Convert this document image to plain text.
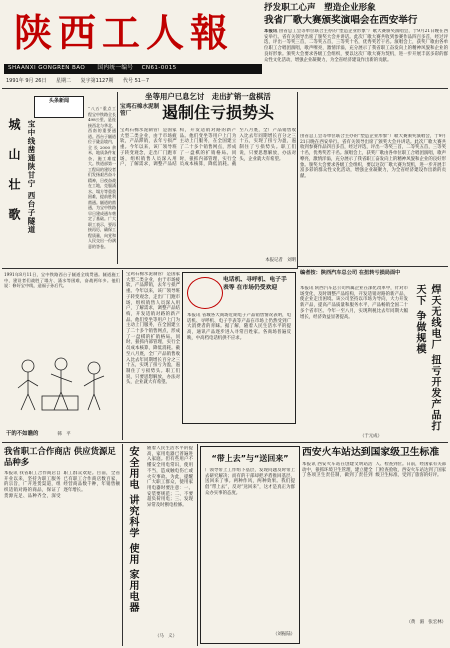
陕西工人報
SHAANXI GONGREN BAO 国内统一编号 CN61-0015
1991年 9月 26日 星期二 复字第1127期 代号 51－7
抒发职工心声　塑造企业形象
我省厂歌大赛颁奖演唱会在西安举行
本报讯 由省总工会等单位联合主办的“塑造企业形象”厂歌大赛颁奖演唱会，于9月21日晚在西安举行。省有关领导出席了颁奖大会并讲话。此次厂歌大赛共收到参赛作品四百多首，经过评选，评出一等奖三首，二等奖五首，三等奖十名，优秀奖若干名。演唱会上，获奖厂歌由各单位职工合唱团演唱，歌声嘹亮，激情洋溢，充分展示了我省职工奋发向上的精神风貌和企业的良好形象。颁奖大会要求各级工会组织，要以这次厂歌大赛为契机，进一步开展丰富多彩的群众性文化活动，增强企业凝聚力，为全省经济建设作出新的贡献。
头条新闻
城　山　壮　歌 宝中线凿通陕甘宁 西台子隧道
“八五”重点工程宝中铁路全长498公里，是连接西北与华北、西南的重要通道。西台子隧道位于陇县境内，全长2000余米，地质条件复杂，施工难度大。铁道部第一工程局的建设者们发扬艰苦奋斗精神，日夜奋战在工地，克服涌水、塌方等重重困难，提前胜利凿通。隧道的凿通，为宝中铁路早日建成通车奠定了基础。广大职工表示，要再接再厉，确保工程质量，向党和人民交出一份满意的答卷。
坐等用户已息乞讨　走出扩销一盘棋活
宝鸡石棉水泥制管厂	遏制住亏损势头
宝鸡石棉水泥制管厂是国家大型二类企业，由于市场疲软，产品滞销，去年亏损严重。今年以来，该厂领导班子转变观念，走出厂门跑市场，组织销售人员深入用户，了解需求，调整产品结构，开发适销对路的新产品。他们变坐等用户上门为主动上门服务，在全国建立了二十多个销售网点，形成了一盘棋的扩销格局。同时，狠抓内部管理，实行全员成本核算，降低消耗。截至八月底，全厂产品销售收入比去年同期增长百分之三十五，实现了扭亏为盈，遏制住了亏损势头。职工们说，只要思想解放，办法对头，企业就大有希望。
本报记者　刘明
由省总工会等单位联合主办的“塑造企业形象”厂歌大赛颁奖演唱会，于9月21日晚在西安举行。省有关领导出席了颁奖大会并讲话。此次厂歌大赛共收到参赛作品四百多首，经过评选，评出一等奖三首，二等奖五首，三等奖十名，优秀奖若干名。演唱会上，获奖厂歌由各单位职工合唱团演唱，歌声嘹亮，激情洋溢，充分展示了我省职工奋发向上的精神风貌和企业的良好形象。颁奖大会要求各级工会组织，要以这次厂歌大赛为契机，进一步开展丰富多彩的群众性文化活动，增强企业凝聚力，为全省经济建设作出新的贡献。
1991年8月11日，宝中铁路西台子隧道全线贯通。隧道施工中，建设者们战胜了塌方、涌水等困难，奋战两年多。他们说：修好宝中线，造福子孙后代。
干的不如瞧的	韩　平
宝鸡石棉水泥制管厂是国家大型二类企业，由于市场疲软，产品滞销，去年亏损严重。今年以来，该厂领导班子转变观念，走出厂门跑市场，组织销售人员深入用户，了解需求，调整产品结构，开发适销对路的新产品。他们变坐等用户上门为主动上门服务，在全国建立了二十多个销售网点，形成了一盘棋的扩销格局。同时，狠抓内部管理，实行全员成本核算，降低消耗。截至八月底，全厂产品销售收入比去年同期增长百分之三十五，实现了扭亏为盈，遏制住了亏损势头。职工们说，只要思想解放，办法对头，企业就大有希望。
电话机、寻呼机、电子手表等 在市场仍受欢迎
本报讯 省城各大商场近期电子产品销售情况表明，电话机、寻呼机、电子手表等产品在市场上仍然受到广大消费者的青睐。据了解，随着人民生活水平的提高，通讯产品逐步进入寻常百姓家。各商场普遍反映，中高档电话机供不应求。
编者按：陕西汽车总公司 在扭转亏损局面中
本报讯 陕西汽车总公司所属企业在深化改革中，针对市场变化，及时调整产品结构，开发适销对路的新产品，使企业走出困境。该公司坚持以市场为导向，大力开发新产品，提高产品质量和服务水平，产品畅销全国二十多个省市区。今年一至八月，实现利税比去年同期大幅增长，经济效益显著提高。	焊天无线电厂 扭亏开发产品打天下 争做规模
（于元成）
我省职工合作商店 供应货源足品种多
本报讯 我省职工合作商店自开业以来，坚持为职工服务的宗旨，广开进货渠道，组织适销对路的商品，保证了货源充足、品种齐全，深受职工群众欢迎。目前，全省已有职工合作商店数百家，经营商品数千种，年销售额逐年增长。	安全用电 讲究科学 使用 家用电器	随着人民生活水平的提高，家用电器已普遍进入家庭。但有些用户不懂安全用电常识，使用不当，造成触电伤亡或火灾事故。为此，提醒广大职工群众，使用家用电器时要注意：一、安装要规范；二、不要超负荷用电；三、发现异常及时断电检修。
（马　义）
“带上去”与“送回来”
厂领导带上工作组下基层，发现问题及时带上去研究解决；而有的干部却把矛盾推回基层，送回来了事。两种作风，两种效果。我们提倡“带上去”，反对“送回来”，这才是真正为群众办实事的态度。
（刘振陆）
西安火车站达到国家级卫生标准
本报讯 西安火车站在创建文明站活动中，狠抓环境卫生管理，建立健全了各项卫生责任制，做到了责任到人、检查到位。日前，经国家有关部门检查验收，西安火车站达到了国家级卫生标准，受到了旅客的好评。
（黄　湄　张宏林）
